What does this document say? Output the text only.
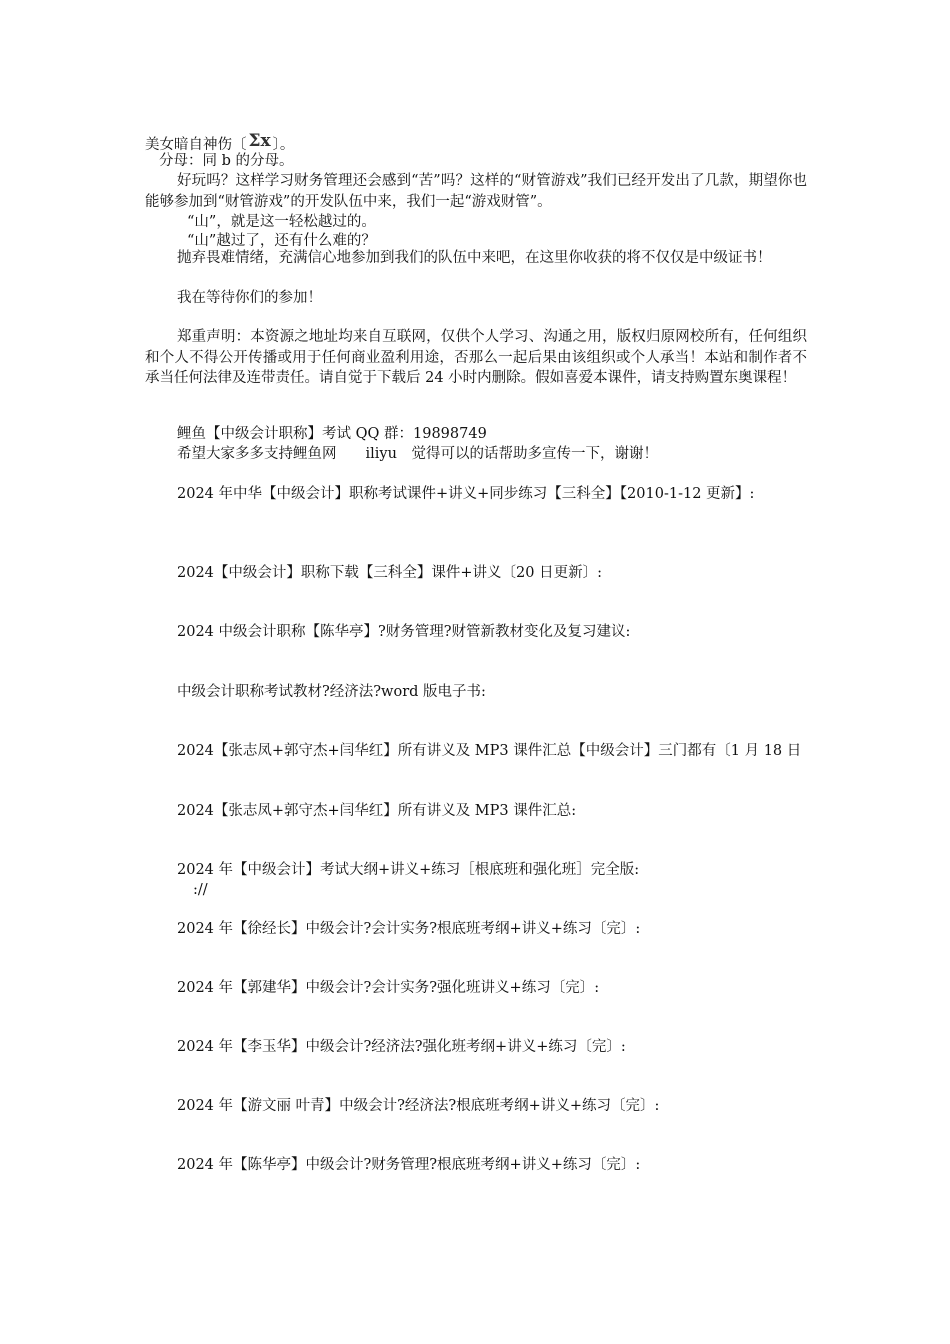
美女暗自神伤〔 Σx 〕。
分母：同 b 的分母。
好玩吗？这样学习财务管理还会感到“苦”吗？这样的“财管游戏”我们已经开发出了几款，期望你也能够参加到“财管游戏”的开发队伍中来，我们一起“游戏财管”。
“山”，就是这一轻松越过的。
“山”越过了，还有什么难的？
抛弃畏难情绪，充满信心地参加到我们的队伍中来吧，在这里你收获的将不仅仅是中级证书！
我在等待你们的参加！
郑重声明：本资源之地址均来自互联网，仅供个人学习、沟通之用，版权归原网校所有，任何组织和个人不得公开传播或用于任何商业盈利用途，否那么一起后果由该组织或个人承当！本站和制作者不承当任何法律及连带责任。请自觉于下载后 24 小时内删除。假如喜爱本课件，请支持购置东奥课程！
鲤鱼【中级会计职称】考试 QQ 群：19898749
希望大家多多支持鲤鱼网　　iliyu　觉得可以的话帮助多宣传一下，谢谢！
2024 年中华【中级会计】职称考试课件+讲义+同步练习【三科全】【2010-1-12 更新】:
2024【中级会计】职称下载【三科全】课件+讲义〔20 日更新〕:
2024 中级会计职称【陈华亭】?财务管理?财管新教材变化及复习建议:
中级会计职称考试教材?经济法?word 版电子书:
2024【张志凤+郭守杰+闫华红】所有讲义及 MP3 课件汇总【中级会计】三门都有〔1 月 18 日
2024【张志凤+郭守杰+闫华红】所有讲义及 MP3 课件汇总:
2024 年【中级会计】考试大纲+讲义+练习［根底班和强化班］完全版:
://
2024 年【徐经长】中级会计?会计实务?根底班考纲+讲义+练习〔完〕:
2024 年【郭建华】中级会计?会计实务?强化班讲义+练习〔完〕:
2024 年【李玉华】中级会计?经济法?强化班考纲+讲义+练习〔完〕:
2024 年【游文丽 叶青】中级会计?经济法?根底班考纲+讲义+练习〔完〕:
2024 年【陈华亭】中级会计?财务管理?根底班考纲+讲义+练习〔完〕:
